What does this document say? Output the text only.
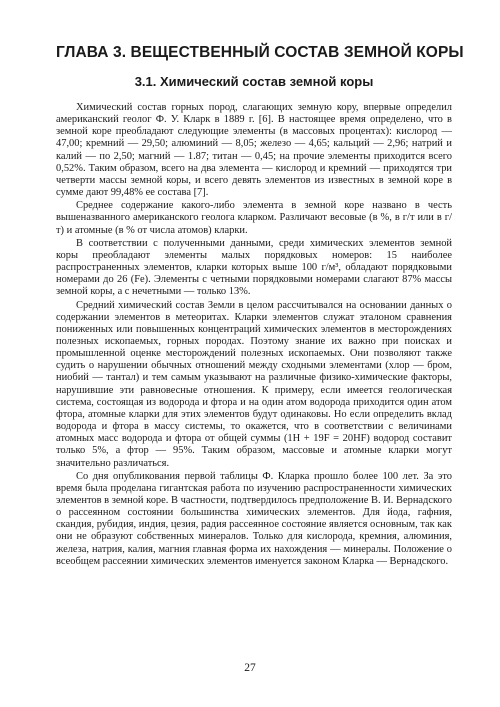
ГЛАВА 3. ВЕЩЕСТВЕННЫЙ СОСТАВ ЗЕМНОЙ КОРЫ
3.1. Химический состав земной коры

Химический состав горных пород, слагающих земную кору, впервые определил американский геолог Ф. У. Кларк в 1889 г. [6]. В настоящее время определено, что в земной коре преобладают следующие элементы (в массовых процентах): кислород — 47,00; кремний — 29,50; алюминий — 8,05; железо — 4,65; кальций — 2,96; натрий и калий — по 2,50; магний — 1.87; титан — 0,45; на прочие элементы приходится всего 0,52%. Таким образом, всего на два элемента — кислород и кремний — приходятся три четверти массы земной коры, и всего девять элементов из известных в земной коре в сумме дают 99,48% ее состава [7].

Среднее содержание какого-либо элемента в земной коре названо в честь вышеназванного американского геолога кларком. Различают весовые (в %, в г/т или в г/т) и атомные (в % от числа атомов) кларки.

В соответствии с полученными данными, среди химических элементов земной коры преобладают элементы малых порядковых номеров: 15 наиболее распространенных элементов, кларки которых выше 100 г/м³, обладают порядковыми номерами до 26 (Fe). Элементы с четными порядковыми номерами слагают 87% массы земной коры, а с нечетными — только 13%.

Средний химический состав Земли в целом рассчитывался на основании данных о содержании элементов в метеоритах. Кларки элементов служат эталоном сравнения пониженных или повышенных концентраций химических элементов в месторождениях полезных ископаемых, горных породах. Поэтому знание их важно при поисках и промышленной оценке месторождений полезных ископаемых. Они позволяют также судить о нарушении обычных отношений между сходными элементами (хлор — бром, ниобий — тантал) и тем самым указывают на различные физико-химические факторы, нарушившие эти равновесные отношения. К примеру, если имеется геологическая система, состоящая из водорода и фтора и на один атом водорода приходится один атом фтора, атомные кларки для этих элементов будут одинаковы. Но если определить вклад водорода и фтора в массу системы, то окажется, что в соответствии с величинами атомных масс водорода и фтора от общей суммы (1H + 19F = 20HF) водород составит только 5%, а фтор — 95%. Таким образом, массовые и атомные кларки могут значительно различаться.

Со дня опубликования первой таблицы Ф. Кларка прошло более 100 лет. За это время была проделана гигантская работа по изучению распространенности химических элементов в земной коре. В частности, подтвердилось предположение В. И. Вернадского о рассеянном состоянии большинства химических элементов. Для йода, гафния, скандия, рубидия, индия, цезия, радия рассеянное состояние является основным, так как они не образуют собственных минералов. Только для кислорода, кремния, алюминия, железа, натрия, калия, магния главная форма их нахождения — минералы. Положение о всеобщем рассеянии химических элементов именуется законом Кларка — Вернадского.

27
